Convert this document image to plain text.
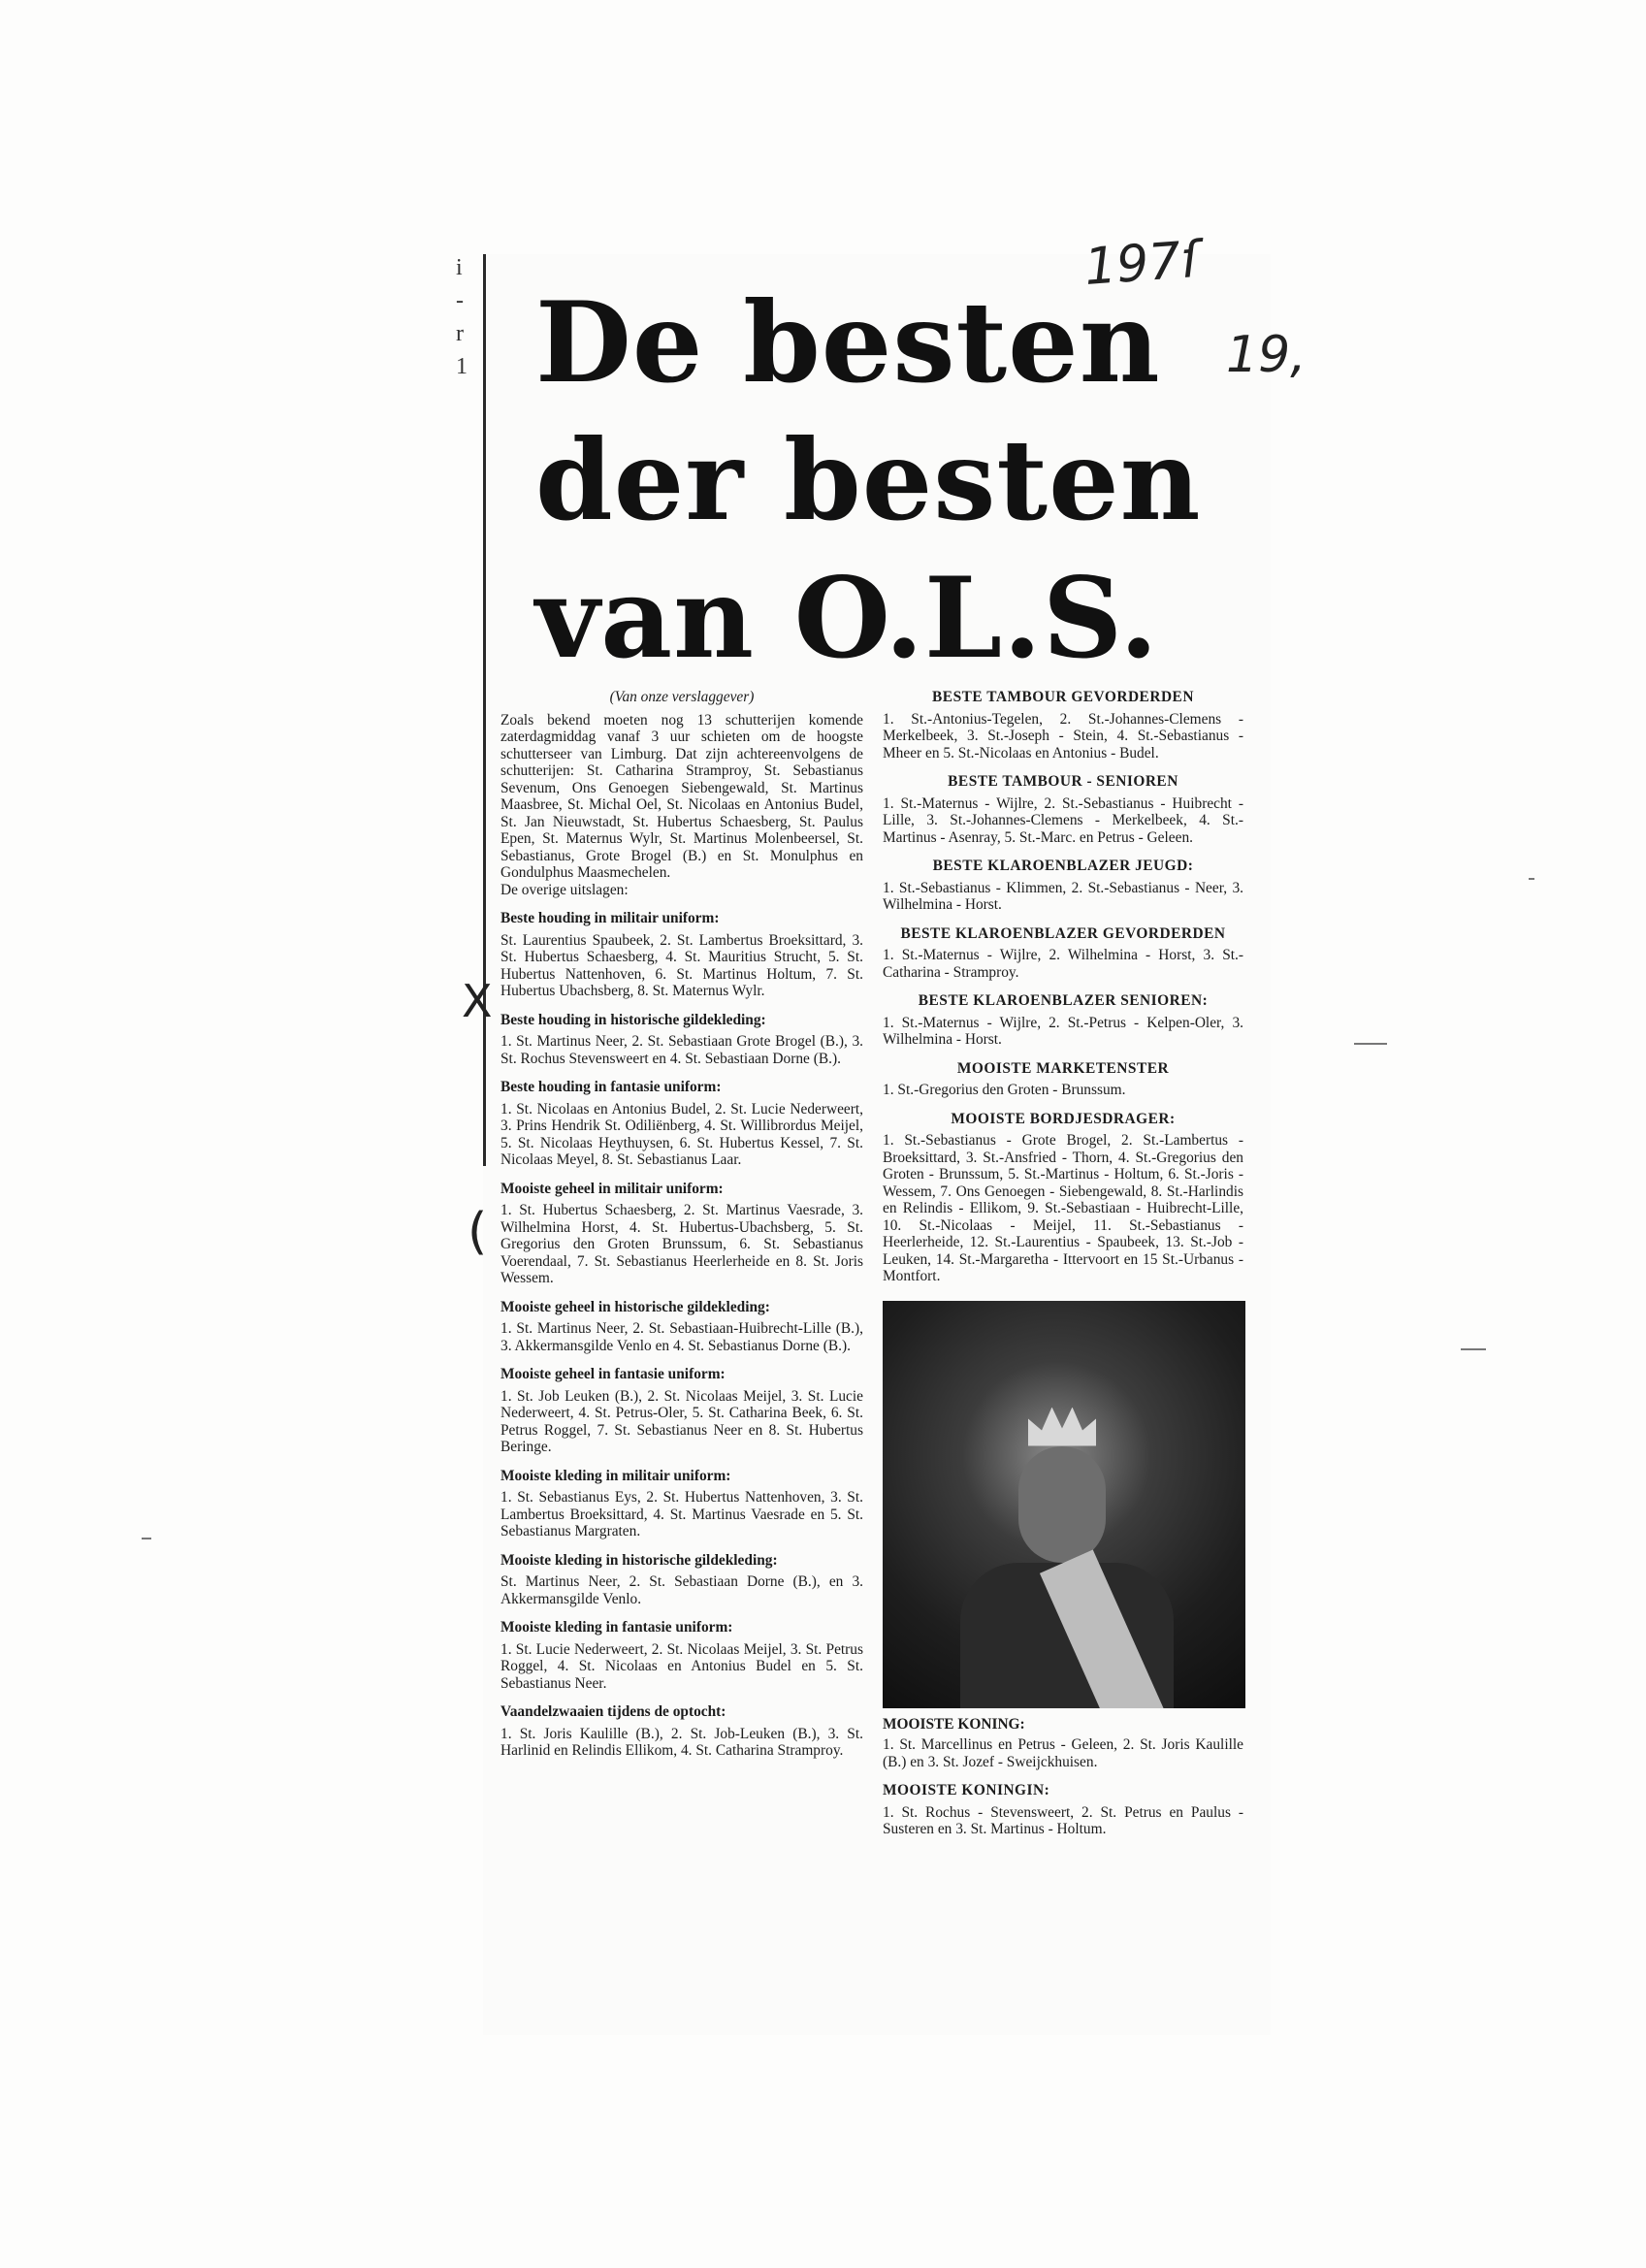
i
-
r
1
197ſ
19,
De besten
der besten
van O.L.S.

(Van onze verslaggever)

Zoals bekend moeten nog 13 schutterijen komende zaterdagmiddag vanaf 3 uur schieten om de hoogste schutterseer van Limburg. Dat zijn achtereenvolgens de schutterijen: St. Catharina Stramproy, St. Sebastianus Sevenum, Ons Genoegen Siebengewald, St. Martinus Maasbree, St. Michal Oel, St. Nicolaas en Antonius Budel, St. Jan Nieuwstadt, St. Hubertus Schaesberg, St. Paulus Epen, St. Maternus Wylr, St. Martinus Molenbeersel, St. Sebastianus, Grote Brogel (B.) en St. Monulphus en Gondulphus Maasmechelen.

De overige uitslagen:

Beste houding in militair uniform:

St. Laurentius Spaubeek, 2. St. Lambertus Broeksittard, 3. St. Hubertus Schaesberg, 4. St. Mauritius Strucht, 5. St. Hubertus Nattenhoven, 6. St. Martinus Holtum, 7. St. Hubertus Ubachsberg, 8. St. Maternus Wylr.

Beste houding in historische gildekleding:

1. St. Martinus Neer, 2. St. Sebastiaan Grote Brogel (B.), 3. St. Rochus Stevensweert en 4. St. Sebastiaan Dorne (B.).

Beste houding in fantasie uniform:

1. St. Nicolaas en Antonius Budel, 2. St. Lucie Nederweert, 3. Prins Hendrik St. Odiliënberg, 4. St. Willibrordus Meijel, 5. St. Nicolaas Heythuysen, 6. St. Hubertus Kessel, 7. St. Nicolaas Meyel, 8. St. Sebastianus Laar.

Mooiste geheel in militair uniform:

1. St. Hubertus Schaesberg, 2. St. Martinus Vaesrade, 3. Wilhelmina Horst, 4. St. Hubertus-Ubachsberg, 5. St. Gregorius den Groten Brunssum, 6. St. Sebastianus Voerendaal, 7. St. Sebastianus Heerlerheide en 8. St. Joris Wessem.

Mooiste geheel in historische gildekleding:

1. St. Martinus Neer, 2. St. Sebastiaan-Huibrecht-Lille (B.), 3. Akkermansgilde Venlo en 4. St. Sebastianus Dorne (B.).

Mooiste geheel in fantasie uniform:

1. St. Job Leuken (B.), 2. St. Nicolaas Meijel, 3. St. Lucie Nederweert, 4. St. Petrus-Oler, 5. St. Catharina Beek, 6. St. Petrus Roggel, 7. St. Sebastianus Neer en 8. St. Hubertus Beringe.

Mooiste kleding in militair uniform:

1. St. Sebastianus Eys, 2. St. Hubertus Nattenhoven, 3. St. Lambertus Broeksittard, 4. St. Martinus Vaesrade en 5. St. Sebastianus Margraten.

Mooiste kleding in historische gildekleding:

St. Martinus Neer, 2. St. Sebastiaan Dorne (B.), en 3. Akkermansgilde Venlo.

Mooiste kleding in fantasie uniform:

1. St. Lucie Nederweert, 2. St. Nicolaas Meijel, 3. St. Petrus Roggel, 4. St. Nicolaas en Antonius Budel en 5. St. Sebastianus Neer.

Vaandelzwaaien tijdens de optocht:

1. St. Joris Kaulille (B.), 2. St. Job-Leuken (B.), 3. St. Harlinid en Relindis Ellikom, 4. St. Catharina Stramproy.

BESTE TAMBOUR GEVORDERDEN

1. St.-Antonius-Tegelen, 2. St.-Johannes-Clemens - Merkelbeek, 3. St.-Joseph - Stein, 4. St.-Sebastianus - Mheer en 5. St.-Nicolaas en Antonius - Budel.

BESTE TAMBOUR - SENIOREN

1. St.-Maternus - Wijlre, 2. St.-Sebastianus - Huibrecht - Lille, 3. St.-Johannes-Clemens - Merkelbeek, 4. St.-Martinus - Asenray, 5. St.-Marc. en Petrus - Geleen.

BESTE KLAROENBLAZER JEUGD:

1. St.-Sebastianus - Klimmen, 2. St.-Sebastianus - Neer, 3. Wilhelmina - Horst.

BESTE KLAROENBLAZER GEVORDERDEN

1. St.-Maternus - Wijlre, 2. Wilhelmina - Horst, 3. St.-Catharina - Stramproy.

BESTE KLAROENBLAZER SENIOREN:

1. St.-Maternus - Wijlre, 2. St.-Petrus - Kelpen-Oler, 3. Wilhelmina - Horst.

MOOISTE MARKETENSTER

1. St.-Gregorius den Groten - Brunssum.

MOOISTE BORDJESDRAGER:

1. St.-Sebastianus - Grote Brogel, 2. St.-Lambertus - Broeksittard, 3. St.-Ansfried - Thorn, 4. St.-Gregorius den Groten - Brunssum, 5. St.-Martinus - Holtum, 6. St.-Joris - Wessem, 7. Ons Genoegen - Siebengewald, 8. St.-Harlindis en Relindis - Ellikom, 9. St.-Sebastiaan - Huibrecht-Lille, 10. St.-Nicolaas - Meijel, 11. St.-Sebastianus - Heerlerheide, 12. St.-Laurentius - Spaubeek, 13. St.-Job - Leuken, 14. St.-Margaretha - Ittervoort en 15 St.-Urbanus - Montfort.

MOOISTE KONING:

1. St. Marcellinus en Petrus - Geleen, 2. St. Joris Kaulille (B.) en 3. St. Jozef - Sweijckhuisen.

MOOISTE KONINGIN:

1. St. Rochus - Stevensweert, 2. St. Petrus en Paulus - Susteren en 3. St. Martinus - Holtum.

X
(
